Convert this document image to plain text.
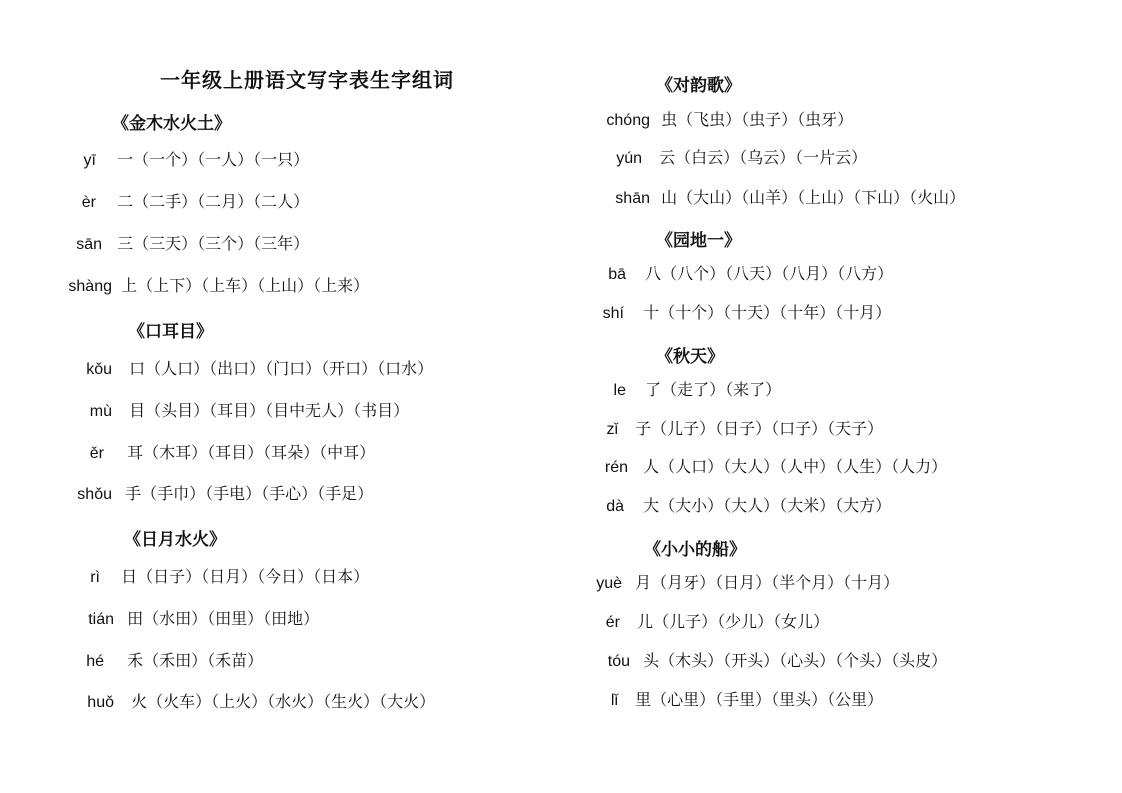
一年级上册语文写字表生字组词
《金木水火土》
yī 一（一个）（一人）（一只）
èr 二（二手）（二月）（二人）
sān 三（三天）（三个）（三年）
shàng 上（上下）（上车）（上山）（上来）
《口耳目》
kǒu 口（人口）（出口）（门口）（开口）（口水）
mù 目（头目）（耳目）（目中无人）（书目）
ěr 耳（木耳）（耳目）（耳朵）（中耳）
shǒu 手（手巾）（手电）（手心）（手足）
《日月水火》
rì 日（日子）（日月）（今日）（日本）
tián 田（水田）（田里）（田地）
hé 禾（禾田）（禾苗）
huǒ 火（火车）（上火）（水火）（生火）（大火）
《对韵歌》
chóng 虫（飞虫）（虫子）（虫牙）
yún 云（白云）（乌云）（一片云）
shān 山（大山）（山羊）（上山）（下山）（火山）
《园地一》
bā 八（八个）（八天）（八月）（八方）
shí 十（十个）（十天）（十年）（十月）
《秋天》
le 了（走了）（来了）
zǐ 子（儿子）（日子）（口子）（天子）
rén 人（人口）（大人）（人中）（人生）（人力）
dà 大（大小）（大人）（大米）（大方）
《小小的船》
yuè 月（月牙）（日月）（半个月）（十月）
ér 儿（儿子）（少儿）（女儿）
tóu 头（木头）（开头）（心头）（个头）（头皮）
lǐ 里（心里）（手里）（里头）（公里）
